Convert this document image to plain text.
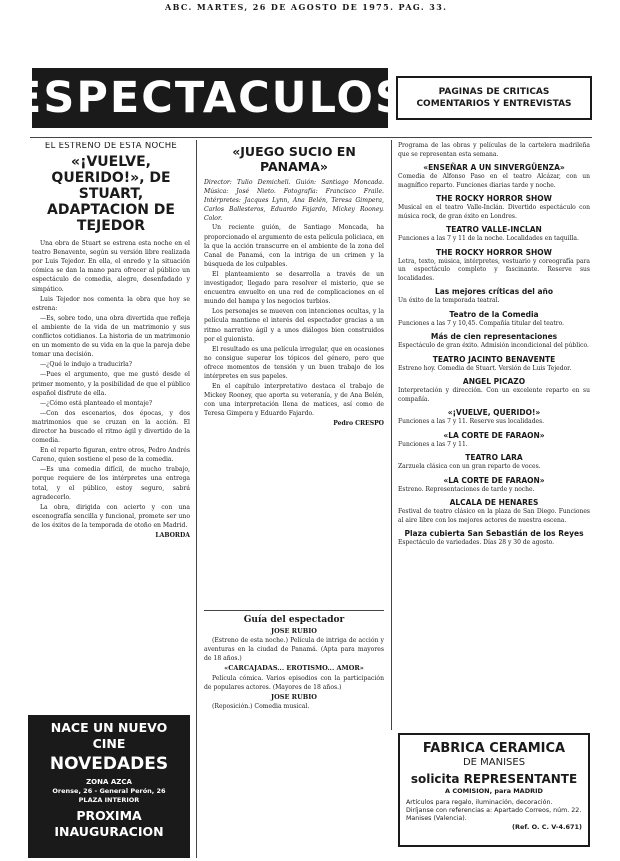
ABC. MARTES, 26 DE AGOSTO DE 1975. PAG. 33.
ESPECTACULOS	PAGINAS DE CRITICAS
COMENTARIOS Y ENTREVISTAS
EL ESTRENO DE ESTA NOCHE
«¡VUELVE, QUERIDO!», DE STUART, ADAPTACION DE TEJEDOR

Una obra de Stuart se estrena esta noche en el teatro Benavente, según su versión libre realizada por Luis Tejedor. En ella, el enredo y la situación cómica se dan la mano para ofrecer al público un espectáculo de comedia, alegre, desenfadado y simpático.

Luis Tejedor nos comenta la obra que hoy se estrena:

—Es, sobre todo, una obra divertida que refleja el ambiente de la vida de un matrimonio y sus conflictos cotidianos. La historia de un matrimonio en un momento de su vida en la que la pareja debe tomar una decisión.

—¿Qué le indujo a traducirla?

—Pues el argumento, que me gustó desde el primer momento, y la posibilidad de que el público español disfrute de ella.

—¿Cómo está planteado el montaje?

—Con dos escenarios, dos épocas, y dos matrimonios que se cruzan en la acción. El director ha buscado el ritmo ágil y divertido de la comedia.

En el reparto figuran, entre otros, Pedro Andrés Careno, quien sostiene el peso de la comedia.

—Es una comedia difícil, de mucho trabajo, porque requiere de los intérpretes una entrega total, y el público, estoy seguro, sabrá agradecerlo.

La obra, dirigida con acierto y con una escenografía sencilla y funcional, promete ser uno de los éxitos de la temporada de otoño en Madrid.

LABORDA

NACE UN NUEVO
CINE
NOVEDADES
ZONA AZCA
Orense, 26 - General Perón, 26
PLAZA INTERIOR
PROXIMA INAUGURACION
«JUEGO SUCIO EN PANAMA»
Director: Tulio Demicheli. Guión: Santiago Moncada. Música: José Nieto. Fotografía: Francisco Fraile. Intérpretes: Jacques Lynn, Ana Belén, Teresa Gimpera, Carlos Ballesteros, Eduardo Fajardo, Mickey Rooney. Color.

Un reciente guión, de Santiago Moncada, ha proporcionado el argumento de esta película policiaca, en la que la acción transcurre en el ambiente de la zona del Canal de Panamá, con la intriga de un crimen y la búsqueda de los culpables.

El planteamiento se desarrolla a través de un investigador, llegado para resolver el misterio, que se encuentra envuelto en una red de complicaciones en el mundo del hampa y los negocios turbios.

Los personajes se mueven con intenciones ocultas, y la película mantiene el interés del espectador gracias a un ritmo narrativo ágil y a unos diálogos bien construidos por el guionista.

El resultado es una película irregular, que en ocasiones no consigue superar los tópicos del género, pero que ofrece momentos de tensión y un buen trabajo de los intérpretes en sus papeles.

En el capítulo interpretativo destaca el trabajo de Mickey Rooney, que aporta su veteranía, y de Ana Belén, con una interpretación llena de matices, así como de Teresa Gimpera y Eduardo Fajardo.

Pedro CRESPO

Guía del espectador
JOSE RUBIO

(Estreno de esta noche.) Película de intriga de acción y aventuras en la ciudad de Panamá. (Apta para mayores de 18 años.)

«CARCAJADAS... EROTISMO... AMOR»

Película cómica. Varios episodios con la participación de populares actores. (Mayores de 18 años.)

JOSE RUBIO

(Reposición.) Comedia musical.

Programa de las obras y películas de la cartelera madrileña que se representan esta semana.
«ENSEÑAR A UN SINVERGÜENZA»
Comedia de Alfonso Paso en el teatro Alcázar, con un magnífico reparto. Funciones diarias tarde y noche.
THE ROCKY HORROR SHOW
Musical en el teatro Valle-Inclán. Divertido espectáculo con música rock, de gran éxito en Londres.
TEATRO VALLE-INCLAN
Funciones a las 7 y 11 de la noche. Localidades en taquilla.
THE ROCKY HORROR SHOW
Letra, texto, música, intérpretes, vestuario y coreografía para un espectáculo completo y fascinante. Reserve sus localidades.
Las mejores críticas del año
Un éxito de la temporada teatral.
Teatro de la Comedia
Funciones a las 7 y 10,45. Compañía titular del teatro.
Más de cien representaciones
Espectáculo de gran éxito. Admisión incondicional del público.
TEATRO JACINTO BENAVENTE
Estreno hoy. Comedia de Stuart. Versión de Luis Tejedor.
ANGEL PICAZO
Interpretación y dirección. Con un excelente reparto en su compañía.
«¡VUELVE, QUERIDO!»
Funciones a las 7 y 11. Reserve sus localidades.
«LA CORTE DE FARAON»
Funciones a las 7 y 11.
TEATRO LARA
Zarzuela clásica con un gran reparto de voces.
«LA CORTE DE FARAON»
Estreno. Representaciones de tarde y noche.
ALCALA DE HENARES
Festival de teatro clásico en la plaza de San Diego. Funciones al aire libre con los mejores actores de nuestra escena.
Plaza cubierta San Sebastián de los Reyes
Espectáculo de variedades. Días 28 y 30 de agosto.
FABRICA CERAMICA
DE MANISES
solicita REPRESENTANTE
A COMISION, para MADRID
Artículos para regalo, iluminación, decoración. Diríjanse con referencias a: Apartado Correos, núm. 22. Manises (Valencia).
(Ref. O. C. V-4.671)
